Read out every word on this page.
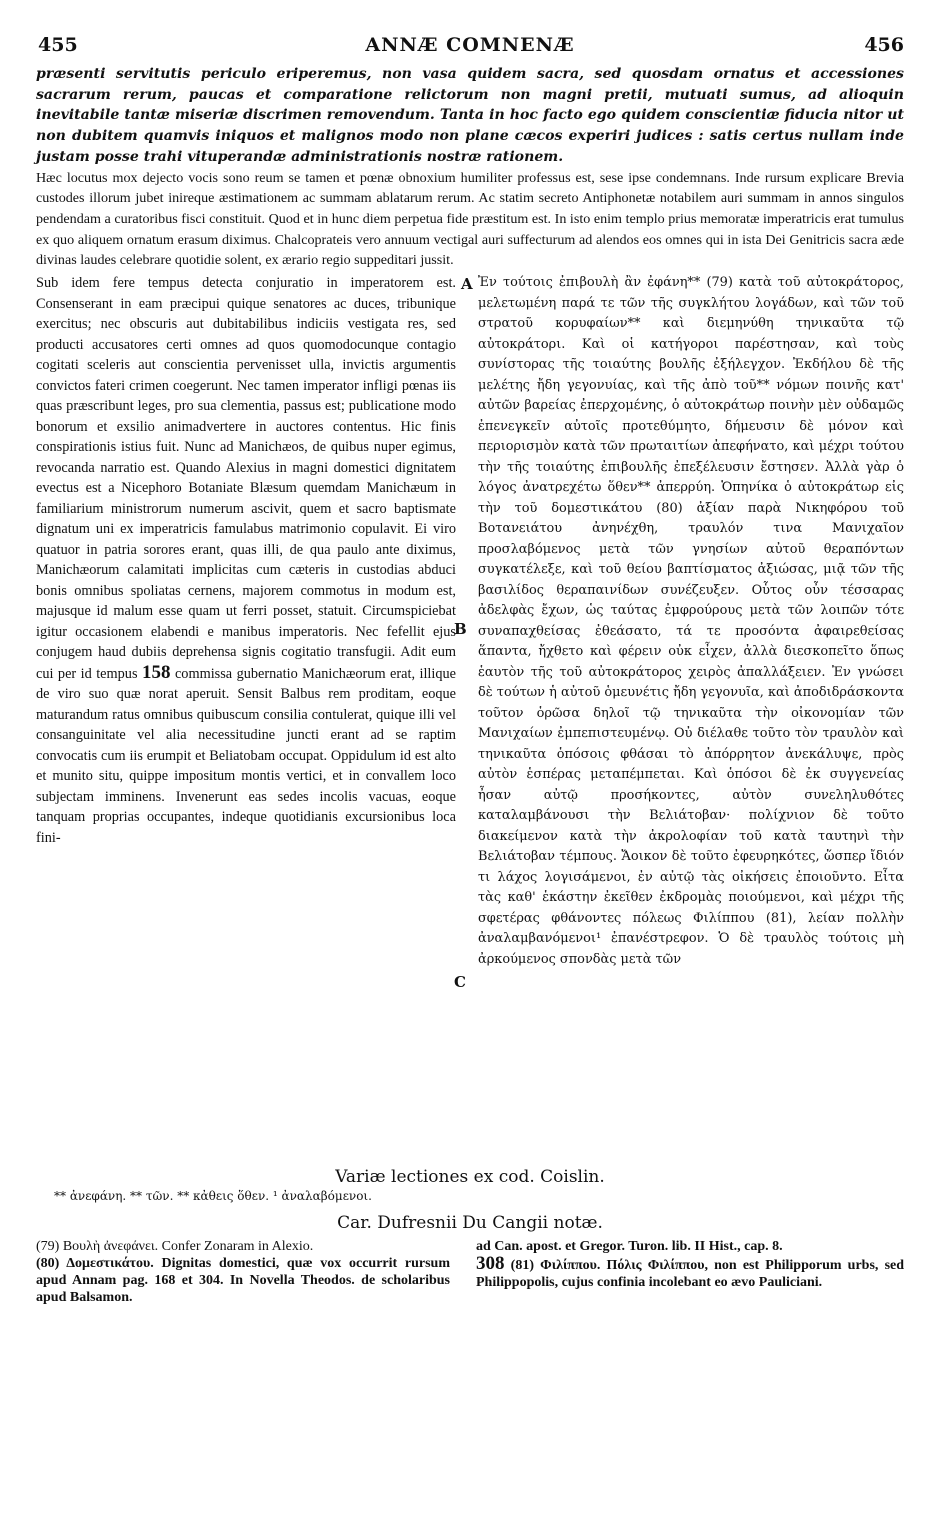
455	ANNÆ COMNENÆ	456

præsenti servitutis periculo eriperemus, non vasa quidem sacra, sed quosdam ornatus et accessiones sacrarum rerum, paucas et comparatione relictorum non magni pretii, mutuati sumus, ad alioquin inevitabile tantæ miseriæ discrimen removendum. Tanta in hoc facto ego quidem conscientiæ fiducia nitor ut non dubitem quamvis iniquos et malignos modo non plane cæcos experiri judices : satis certus nullam inde justam posse trahi vituperandæ administrationis nostræ rationem.

Hæc locutus mox dejecto vocis sono reum se tamen et pœnæ obnoxium humiliter professus est, sese ipse condemnans. Inde rursum explicare Brevia custodes illorum jubet inireque æstimationem ac summam ablatarum rerum. Ac statim secreto Antiphonetæ notabilem auri summam in annos singulos pendendam a curatoribus fisci constituit. Quod et in hunc diem perpetua fide præstitum est. In isto enim templo prius memoratæ imperatricis erat tumulus ex quo aliquem ornatum erasum diximus. Chalcoprateis vero annuum vectigal auri suffecturum ad alendos eos omnes qui in ista Dei Genitricis sacra æde divinas laudes celebrare quotidie solent, ex ærario regio suppeditari jussit.

Sub idem fere tempus detecta conjuratio in imperatorem est. Consenserant in eam præcipui quique senatores ac duces, tribunique exercitus; nec obscuris aut dubitabilibus indiciis vestigata res, sed producti accusatores certi omnes ad quos quomodocunque contagio cogitati sceleris aut conscientia pervenisset ulla, invictis argumentis convictos fateri crimen coegerunt. Nec tamen imperator infligi pœnas iis quas præscribunt leges, pro sua clementia, passus est; publicatione modo bonorum et exsilio animadvertere in auctores contentus. Hic finis conspirationis istius fuit. Nunc ad Manichæos, de quibus nuper egimus, revocanda narratio est. Quando Alexius in magni domestici dignitatem evectus est a Nicephoro Botaniate Blæsum quemdam Manichæum in familiarium ministrorum numerum ascivit, quem et sacro baptismate dignatum uni ex imperatricis famulabus matrimonio copulavit. Ei viro quatuor in patria sorores erant, quas illi, de qua paulo ante diximus, Manichæorum calamitati implicitas cum cæteris in custodias abduci bonis omnibus spoliatas cernens, majorem commotus in modum est, majusque id malum esse quam ut ferri posset, statuit. Circumspiciebat igitur occasionem elabendi e manibus imperatoris. Nec fefellit ejus conjugem haud dubiis deprehensa signis cogitatio transfugii. Adit eum cui per id tempus 158 commissa gubernatio Manichæorum erat, illique de viro suo quæ norat aperuit. Sensit Balbus rem proditam, eoque maturandum ratus omnibus quibuscum consilia contulerat, quique illi vel consanguinitate vel alia necessitudine juncti erant ad se raptim convocatis cum iis erumpit et Beliatobam occupat. Oppidulum id est alto et munito situ, quippe impositum montis vertici, et in convallem loco subjectam imminens. Invenerunt eas sedes incolis vacuas, eoque tanquam proprias occupantes, indeque quotidianis excursionibus loca fini-
A
B
C
Ἐν τούτοις ἐπιβουλὴ ἂν ἐφάνη** (79) κατὰ τοῦ αὐτοκράτορος, μελετωμένη παρά τε τῶν τῆς συγκλήτου λογάδων, καὶ τῶν τοῦ στρατοῦ κορυφαίων** καὶ διεμηνύθη τηνικαῦτα τῷ αὐτοκράτορι. Καὶ οἱ κατήγοροι παρέστησαν, καὶ τοὺς συνίστορας τῆς τοιαύτης βουλῆς ἐξήλεγχον. Ἐκδήλου δὲ τῆς μελέτης ἤδη γεγονυίας, καὶ τῆς ἀπὸ τοῦ** νόμων ποινῆς κατ' αὐτῶν βαρείας ἐπερχομένης, ὁ αὐτοκράτωρ ποινὴν μὲν οὐδαμῶς ἐπενεγκεῖν αὐτοῖς προτεθύμητο, δήμευσιν δὲ μόνον καὶ περιορισμὸν κατὰ τῶν πρωταιτίων ἀπεφήνατο, καὶ μέχρι τούτου τὴν τῆς τοιαύτης ἐπιβουλῆς ἐπεξέλευσιν ἔστησεν. Ἀλλὰ γὰρ ὁ λόγος ἀνατρεχέτω ὅθεν** ἀπερρύη. Ὁπηνίκα ὁ αὐτοκράτωρ εἰς τὴν τοῦ δομεστικάτου (80) ἀξίαν παρὰ Νικηφόρου τοῦ Βοτανειάτου ἀνηνέχθη, τραυλόν τινα Μανιχαῖον προσλαβόμενος μετὰ τῶν γνησίων αὐτοῦ θεραπόντων συγκατέλεξε, καὶ τοῦ θείου βαπτίσματος ἀξιώσας, μιᾷ τῶν τῆς βασιλίδος θεραπαινίδων συνέζευξεν. Οὗτος οὖν τέσσαρας ἀδελφὰς ἔχων, ὡς ταύτας ἐμφρούρους μετὰ τῶν λοιπῶν τότε συναπαχθείσας ἐθεάσατο, τά τε προσόντα ἀφαιρεθείσας ἅπαντα, ἤχθετο καὶ φέρειν οὐκ εἶχεν, ἀλλὰ διεσκοπεῖτο ὅπως ἑαυτὸν τῆς τοῦ αὐτοκράτορος χειρὸς ἀπαλλάξειεν. Ἐν γνώσει δὲ τούτων ἡ αὐτοῦ ὁμευνέτις ἤδη γεγονυῖα, καὶ ἀποδιδράσκοντα τοῦτον ὁρῶσα δηλοῖ τῷ τηνικαῦτα τὴν οἰκονομίαν τῶν Μανιχαίων ἐμπεπιστευμένῳ. Οὐ διέλαθε τοῦτο τὸν τραυλὸν καὶ τηνικαῦτα ὁπόσοις φθάσαι τὸ ἀπόρρητον ἀνεκάλυψε, πρὸς αὐτὸν ἑσπέρας μεταπέμπεται. Καὶ ὁπόσοι δὲ ἐκ συγγενείας ἦσαν αὐτῷ προσήκοντες, αὐτὸν συνεληλυθότες καταλαμβάνουσι τὴν Βελιάτοβαν· πολίχνιον δὲ τοῦτο διακείμενον κατὰ τὴν ἀκρολοφίαν τοῦ κατὰ ταυτηνὶ τὴν Βελιάτοβαν τέμπους. Ἄοικον δὲ τοῦτο ἐφευρηκότες, ὥσπερ ἴδιόν τι λάχος λογισάμενοι, ἐν αὐτῷ τὰς οἰκήσεις ἐποιοῦντο. Εἶτα τὰς καθ' ἑκάστην ἐκεῖθεν ἐκδρομὰς ποιούμενοι, καὶ μέχρι τῆς σφετέρας φθάνοντες πόλεως Φιλίππου (81), λείαν πολλὴν ἀναλαμβανόμενοι¹ ἐπανέστρεφον. Ὁ δὲ τραυλὸς τούτοις μὴ ἀρκούμενος σπονδὰς μετὰ τῶν
Variæ lectiones ex cod. Coislin.
** ἀνεφάνη. ** τῶν. ** κἀθεις ὅθεν. ¹ ἀναλαβόμενοι.
Car. Dufresnii Du Cangii notæ.

(79) Βουλὴ ἀνεφάνει. Confer Zonaram in Alexio.

(80) Δομεστικάτου. Dignitas domestici, quæ vox occurrit rursum apud Annam pag. 168 et 304. In Novella Theodos. de scholaribus apud Balsamon.

ad Can. apost. et Gregor. Turon. lib. II Hist., cap. 8.

308 (81) Φιλίππου. Πόλις Φιλίππου, non est Philipporum urbs, sed Philippopolis, cujus confinia incolebant eo ævo Pauliciani.
